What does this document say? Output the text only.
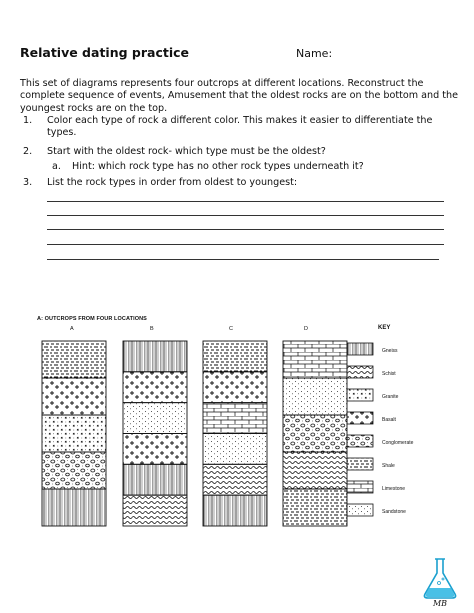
Relative dating practice	Name:
This set of diagrams represents four outcrops at different locations. Reconstruct the complete sequence of events, Amusement that the oldest rocks are on the bottom and the youngest rocks are on the top.
1. Color each type of rock a different color. This makes it easier to differentiate the types.
2. Start with the oldest rock- which type must be the oldest?
a. Hint: which rock type has no other rock types underneath it?
3. List the rock types in order from oldest to youngest:
A: OUTCROPS FROM FOUR LOCATIONS
A	B	C	D	KEY
Gneiss
Schist
Granite
Basalt
Conglomerate
Shale
Limestone
Sandstone
MB
